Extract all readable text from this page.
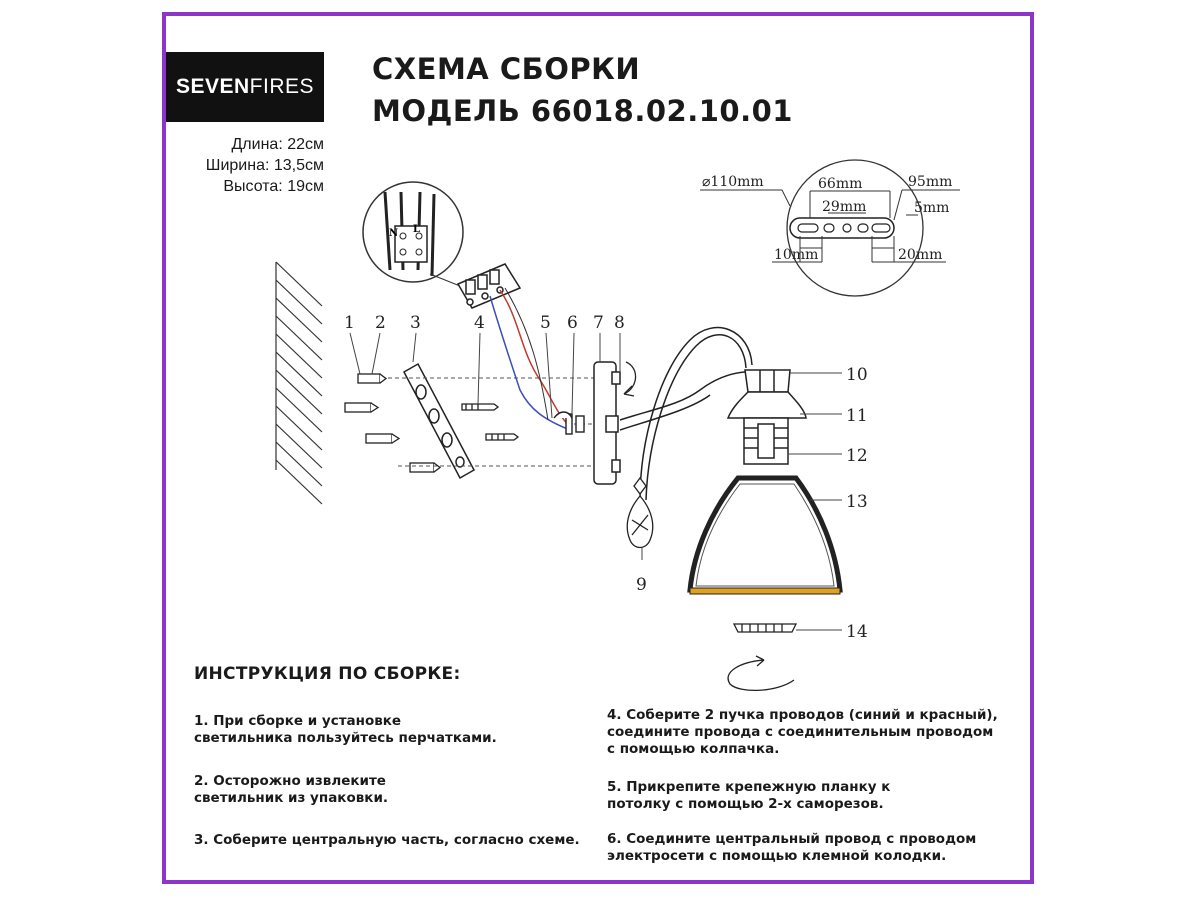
SEVEN FIRES
Длина: 22см
Ширина: 13,5см
Высота: 19см
СХЕМА СБОРКИ
МОДЕЛЬ 66018.02.10.01
N L
1 2 3	4	5 6 7 8
9
10
11
12
13
14
⌀110mm	66mm	95mm
29mm	5mm
10mm	20mm
ИНСТРУКЦИЯ ПО СБОРКЕ:
1. При сборке и установке
светильника пользуйтесь перчатками.
2. Осторожно извлеките
светильник из упаковки.
3. Соберите центральную часть, согласно схеме.
4. Соберите 2 пучка проводов (синий и красный),
соедините провода с соединительным проводом
с помощью колпачка.
5. Прикрепите крепежную планку к
потолку с помощью 2-х саморезов.
6. Соедините центральный провод с проводом
электросети с помощью клемной колодки.
